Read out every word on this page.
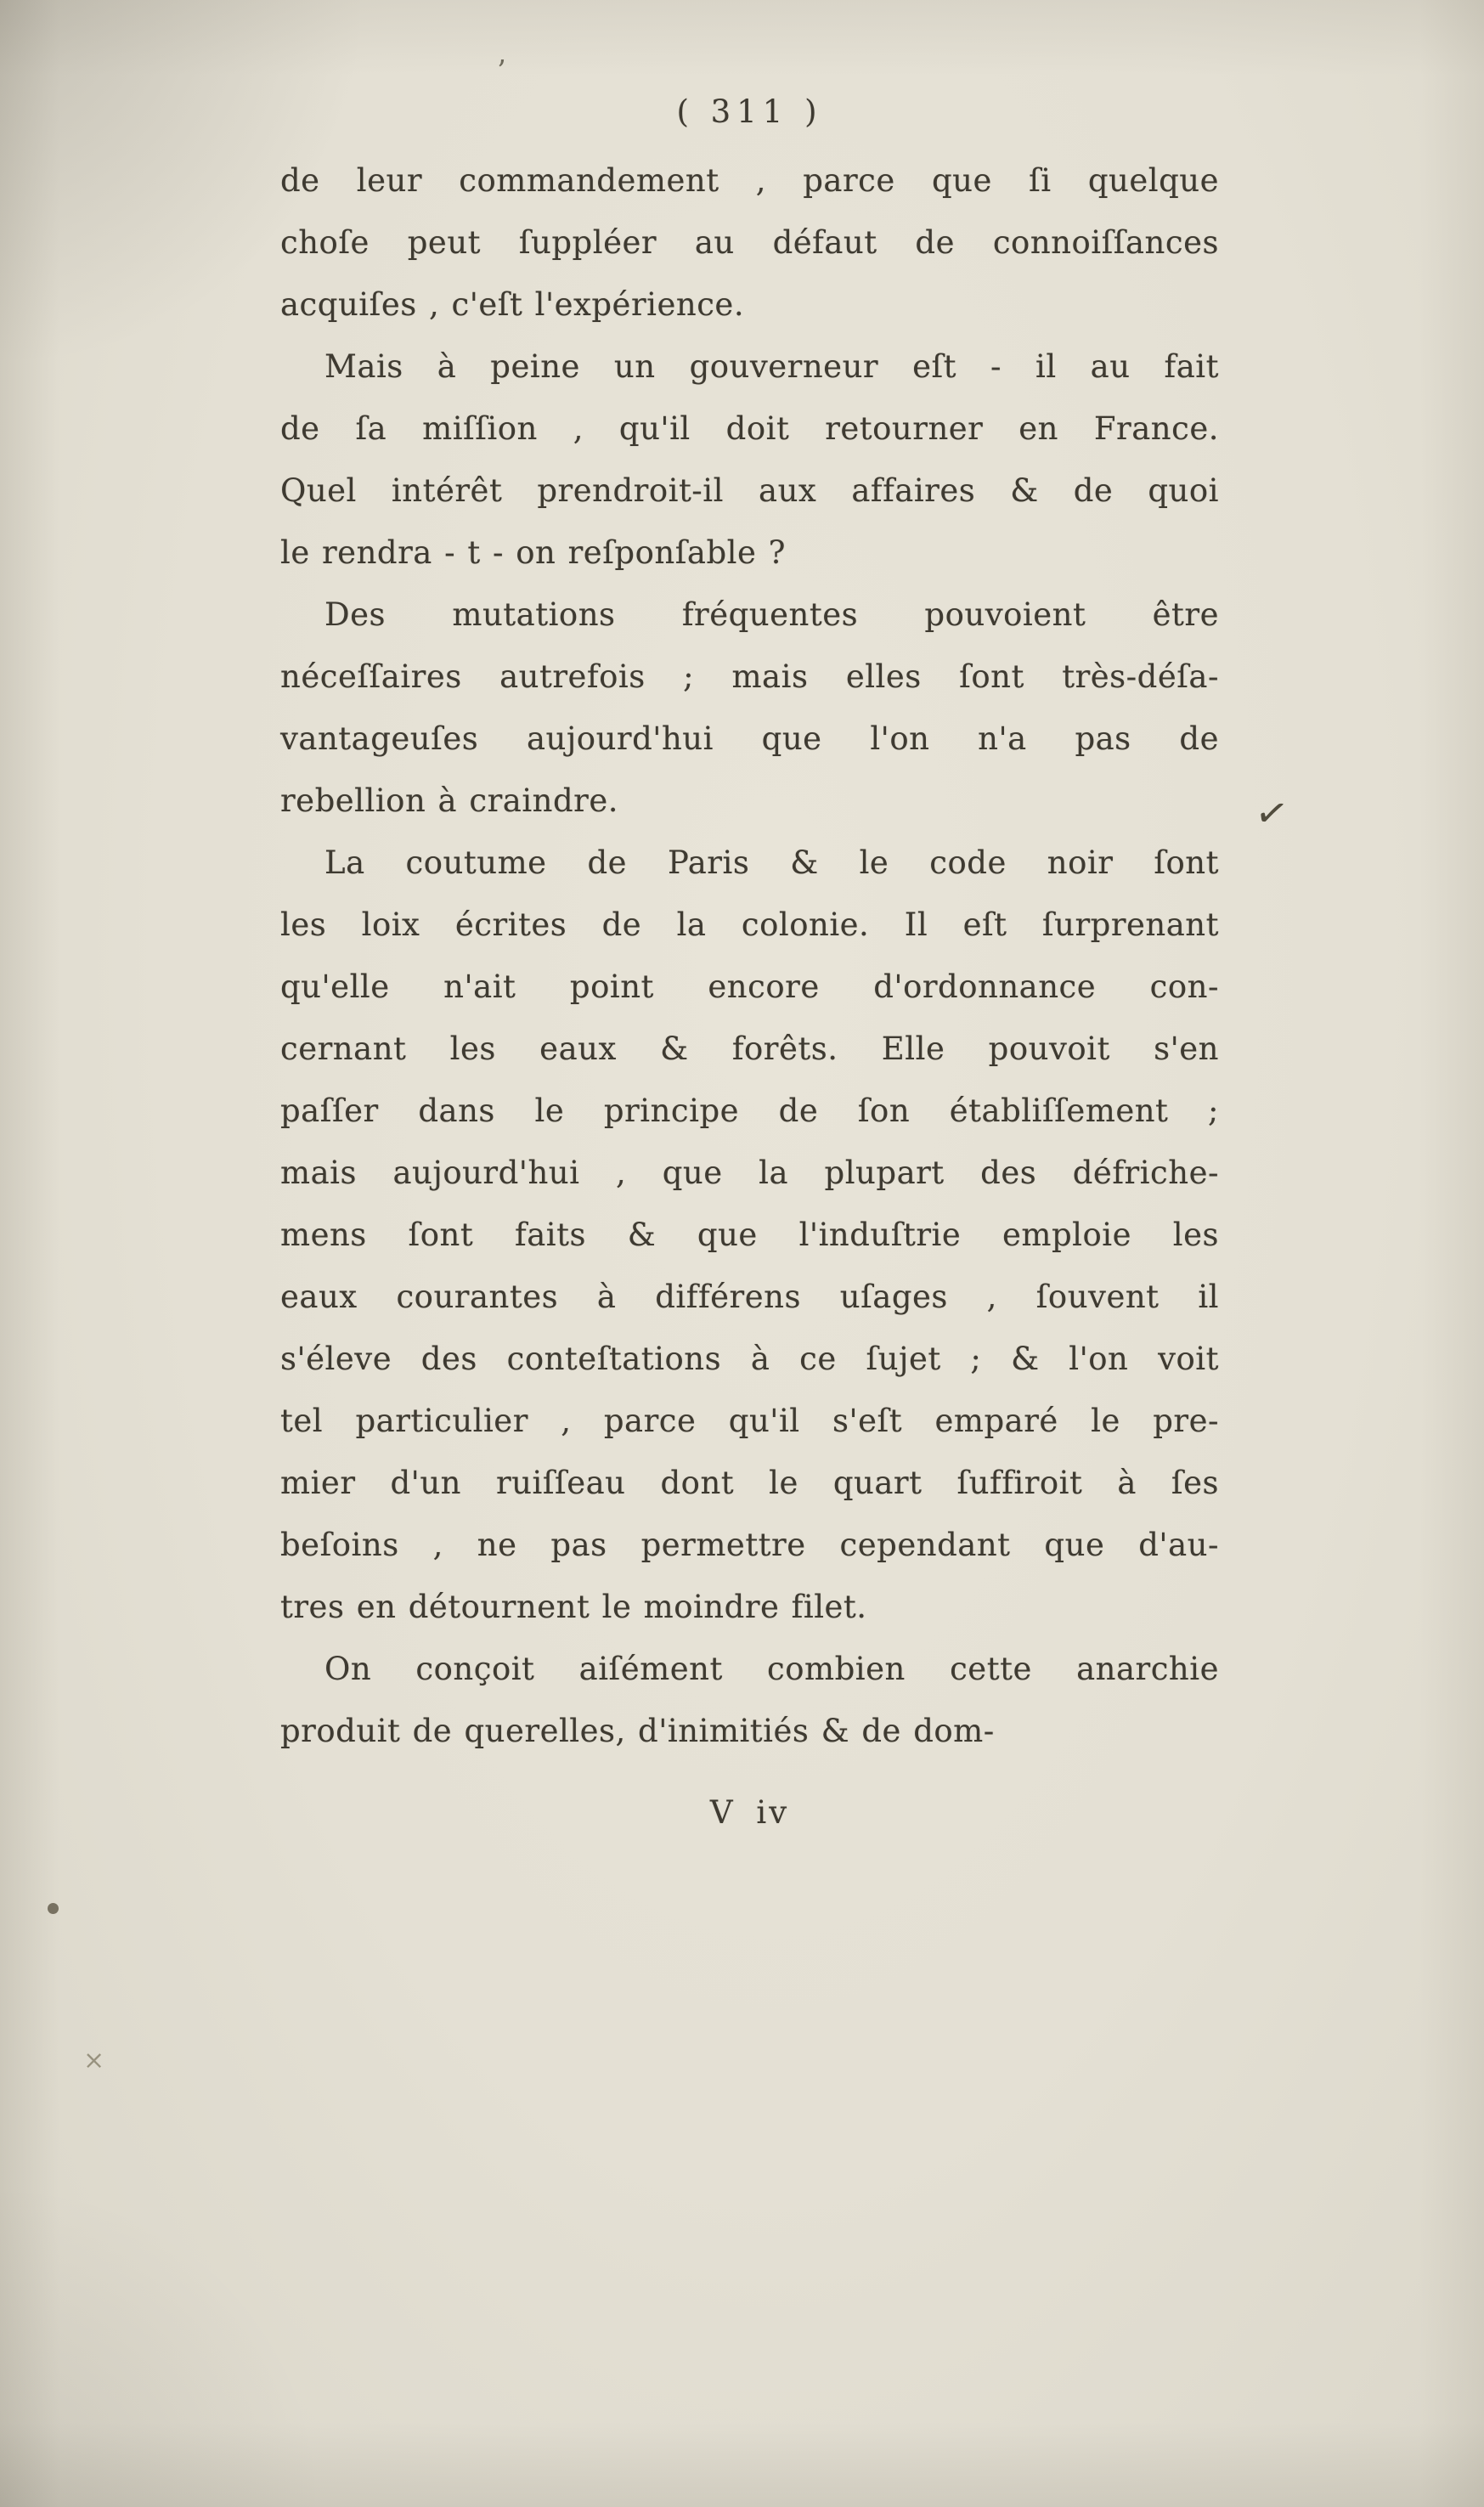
( 311 )

de leur commandement , parce que ſi quelque
choſe peut ſuppléer au défaut de connoiſſances
acquiſes , c'eſt l'expérience.

Mais à peine un gouverneur eſt - il au fait
de ſa miſſion , qu'il doit retourner en France.
Quel intérêt prendroit-il aux affaires & de quoi
le rendra - t - on reſponſable ?

Des mutations fréquentes pouvoient être
néceſſaires autrefois ; mais elles ſont très-déſa-
vantageuſes aujourd'hui que l'on n'a pas de
rebellion à craindre.

La coutume de Paris & le code noir ſont
les loix écrites de la colonie. Il eſt ſurprenant
qu'elle n'ait point encore d'ordonnance con-
cernant les eaux & forêts. Elle pouvoit s'en
paſſer dans le principe de ſon établiſſement ;
mais aujourd'hui , que la plupart des défriche-
mens ſont faits & que l'induſtrie emploie les
eaux courantes à différens uſages , ſouvent il
s'éleve des conteſtations à ce ſujet ; & l'on voit
tel particulier , parce qu'il s'eſt emparé le pre-
mier d'un ruiſſeau dont le quart ſuffiroit à ſes
beſoins , ne pas permettre cependant que d'au-
tres en détournent le moindre filet.

On conçoit aiſément combien cette anarchie
produit de querelles, d'inimitiés & de dom-

V iv
ʼ
✓
×
